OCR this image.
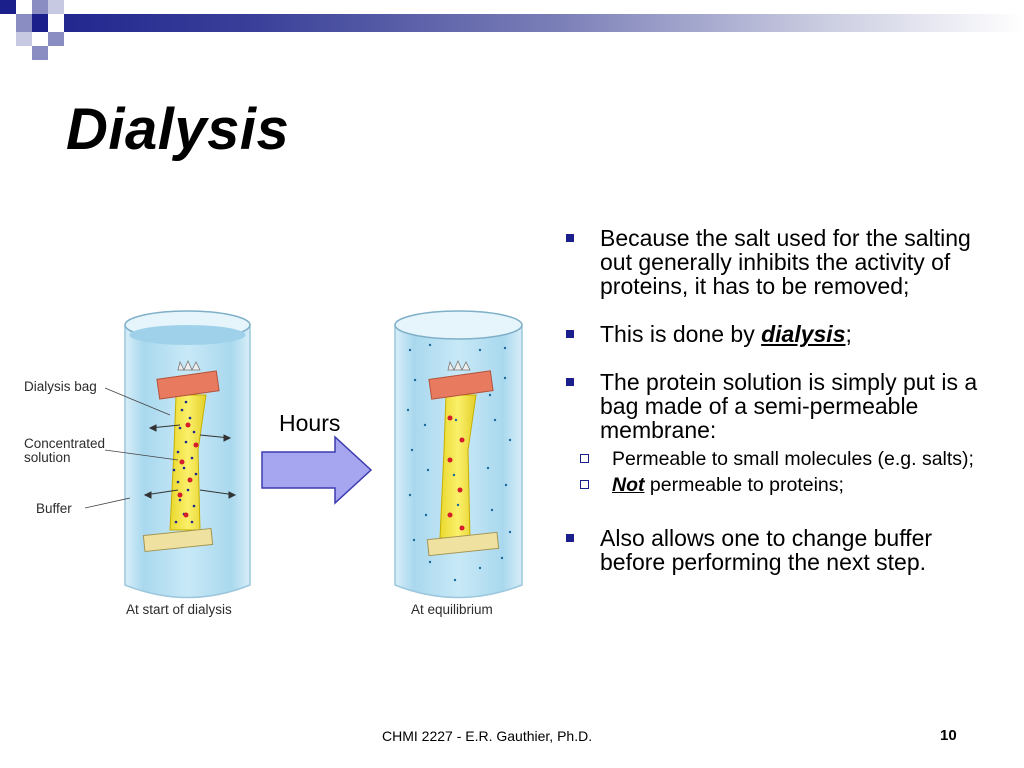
Dialysis
Dialysis bag
Concentrated
solution
Buffer
At start of dialysis	At equilibrium
Hours
Because the salt used for the salting out generally inhibits the activity of proteins, it has to be removed;
This is done by dialysis;
The protein solution is simply put is a bag made of a semi-permeable membrane:
Permeable to small molecules (e.g. salts);
Not permeable to proteins;
Also allows one to change buffer before performing the next step.
CHMI 2227 - E.R. Gauthier, Ph.D.	10
